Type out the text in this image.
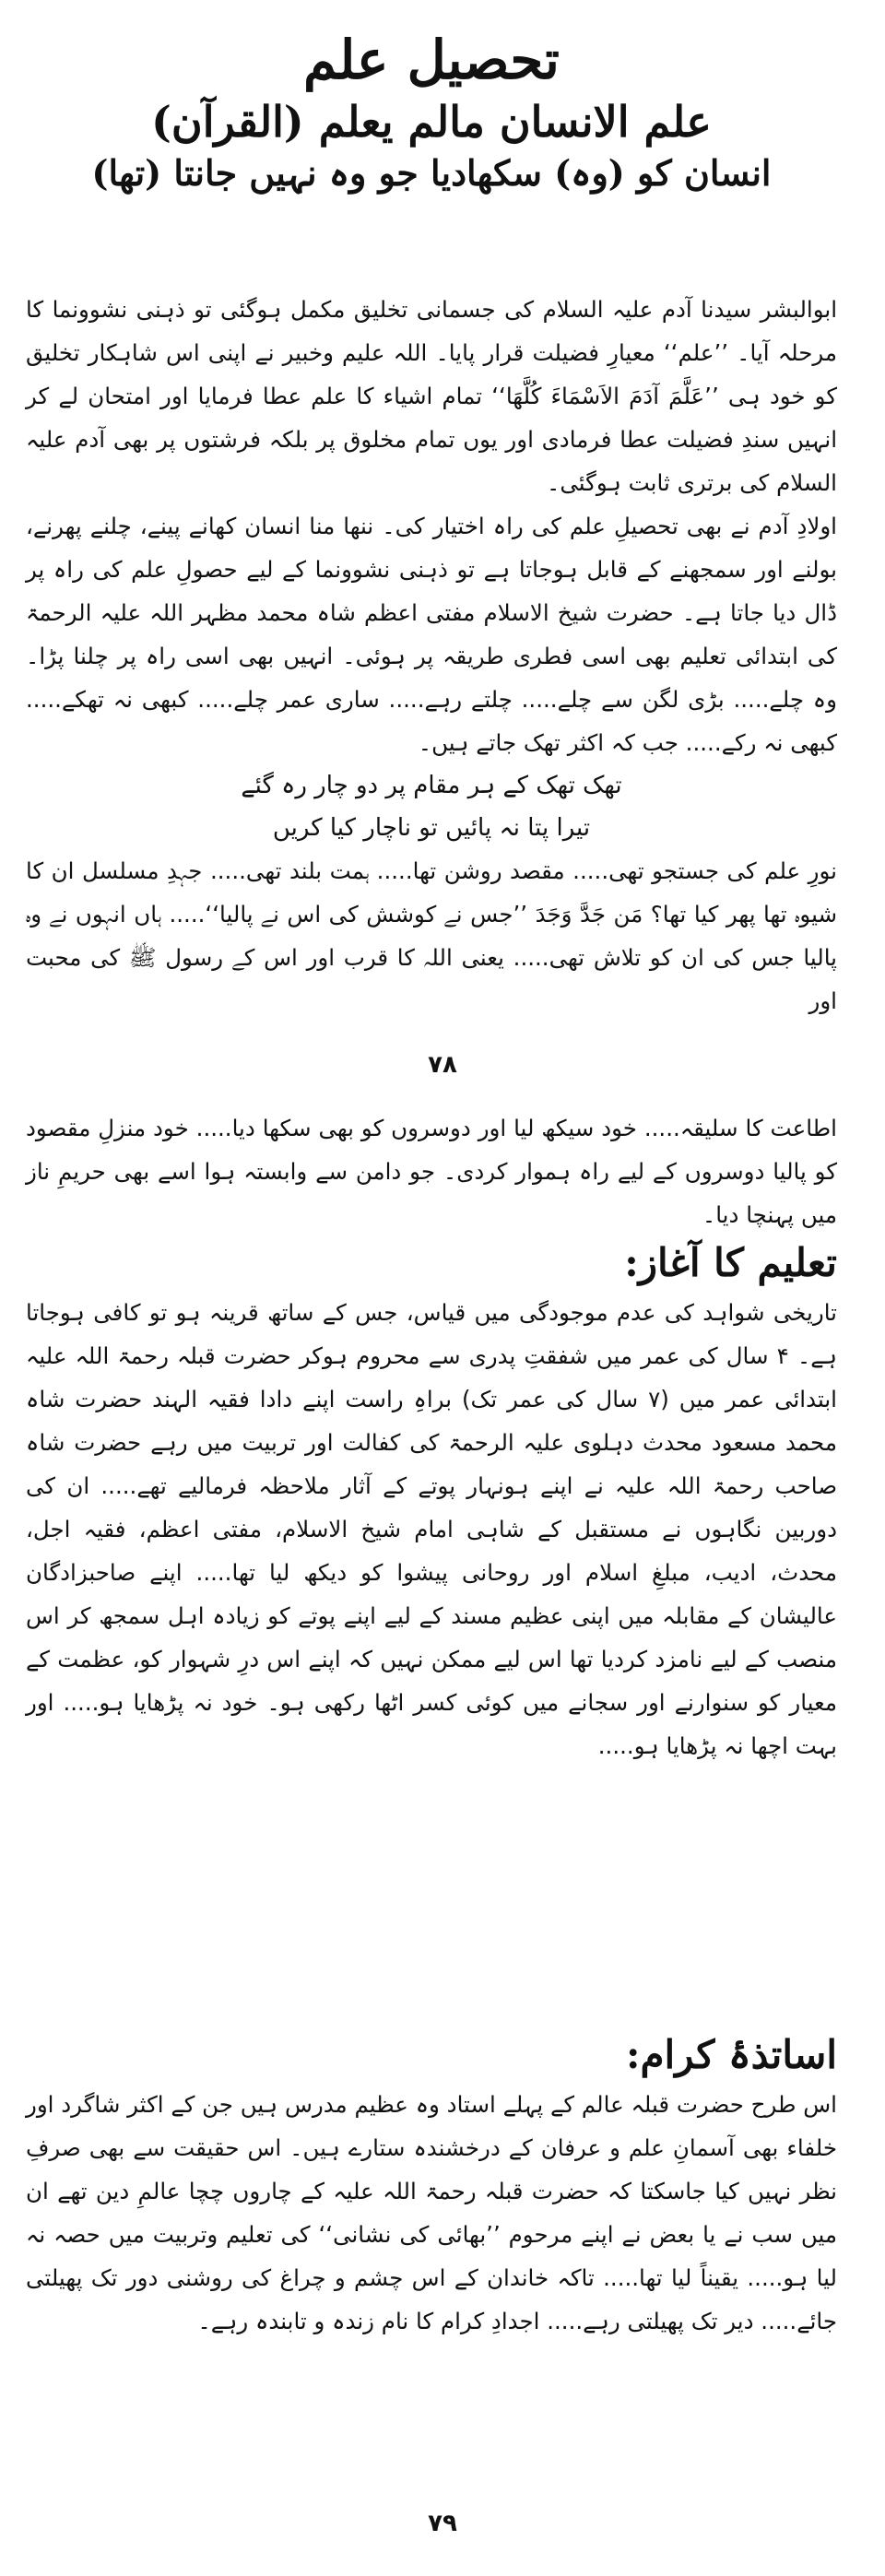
تحصیل علم
علم الانسان مالم یعلم (القرآن)
انسان کو (وہ) سکھادیا جو وہ نہیں جانتا (تھا)

ابوالبشر سیدنا آدم علیہ السلام کی جسمانی تخلیق مکمل ہوگئی تو ذہنی نشوونما کا مرحلہ آیا۔ ’’علم‘‘ معیارِ فضیلت قرار پایا۔ اللہ علیم وخبیر نے اپنی اس شاہکار تخلیق کو خود ہی ’’عَلَّمَ آدَمَ الاَسْمَاءَ کُلَّھَا‘‘ تمام اشیاء کا علم عطا فرمایا اور امتحان لے کر انہیں سندِ فضیلت عطا فرمادی اور یوں تمام مخلوق پر بلکہ فرشتوں پر بھی آدم علیہ السلام کی برتری ثابت ہوگئی۔

اولادِ آدم نے بھی تحصیلِ علم کی راہ اختیار کی۔ ننھا منا انسان کھانے پینے، چلنے پھرنے، بولنے اور سمجھنے کے قابل ہوجاتا ہے تو ذہنی نشوونما کے لیے حصولِ علم کی راہ پر ڈال دیا جاتا ہے۔ حضرت شیخ الاسلام مفتی اعظم شاہ محمد مظہر اللہ علیہ الرحمۃ کی ابتدائی تعلیم بھی اسی فطری طریقہ پر ہوئی۔ انہیں بھی اسی راہ پر چلنا پڑا۔ وہ چلے..... بڑی لگن سے چلے..... چلتے رہے..... ساری عمر چلے..... کبھی نہ تھکے..... کبھی نہ رکے..... جب کہ اکثر تھک جاتے ہیں۔

تھک تھک کے ہر مقام پر دو چار رہ گئے

تیرا پتا نہ پائیں تو ناچار کیا کریں

نورِ علم کی جستجو تھی..... مقصد روشن تھا..... ہمت بلند تھی..... جہدِ مسلسل ان کا شیوہ تھا پھر کیا تھا؟ مَن جَدَّ وَجَدَ ’’جس نے کوشش کی اس نے پالیا‘‘..... ہاں انہوں نے وہ پالیا جس کی ان کو تلاش تھی..... یعنی اللہ کا قرب اور اس کے رسول ﷺ کی محبت اور

۷۸

اطاعت کا سلیقہ..... خود سیکھ لیا اور دوسروں کو بھی سکھا دیا..... خود منزلِ مقصود کو پالیا دوسروں کے لیے راہ ہموار کردی۔ جو دامن سے وابستہ ہوا اسے بھی حریمِ ناز میں پہنچا دیا۔

تعلیم کا آغاز:

تاریخی شواہد کی عدم موجودگی میں قیاس، جس کے ساتھ قرینہ ہو تو کافی ہوجاتا ہے۔ ۴ سال کی عمر میں شفقتِ پدری سے محروم ہوکر حضرت قبلہ رحمۃ اللہ علیہ ابتدائی عمر میں (۷ سال کی عمر تک) براہِ راست اپنے دادا فقیہ الہند حضرت شاہ محمد مسعود محدث دہلوی علیہ الرحمۃ کی کفالت اور تربیت میں رہے حضرت شاہ صاحب رحمۃ اللہ علیہ نے اپنے ہونہار پوتے کے آثار ملاحظہ فرمالیے تھے..... ان کی دوربین نگاہوں نے مستقبل کے شاہی امام شیخ الاسلام، مفتی اعظم، فقیہ اجل، محدث، ادیب، مبلغِ اسلام اور روحانی پیشوا کو دیکھ لیا تھا..... اپنے صاحبزادگان عالیشان کے مقابلہ میں اپنی عظیم مسند کے لیے اپنے پوتے کو زیادہ اہل سمجھ کر اس منصب کے لیے نامزد کردیا تھا اس لیے ممکن نہیں کہ اپنے اس درِ شہوار کو، عظمت کے معیار کو سنوارنے اور سجانے میں کوئی کسر اٹھا رکھی ہو۔ خود نہ پڑھایا ہو..... اور بہت اچھا نہ پڑھایا ہو.....

اساتذۂ کرام:

اس طرح حضرت قبلہ عالم کے پہلے استاد وہ عظیم مدرس ہیں جن کے اکثر شاگرد اور خلفاء بھی آسمانِ علم و عرفان کے درخشندہ ستارے ہیں۔ اس حقیقت سے بھی صرفِ نظر نہیں کیا جاسکتا کہ حضرت قبلہ رحمۃ اللہ علیہ کے چاروں چچا عالمِ دین تھے ان میں سب نے یا بعض نے اپنے مرحوم ’’بھائی کی نشانی‘‘ کی تعلیم وتربیت میں حصہ نہ لیا ہو..... یقیناً لیا تھا..... تاکہ خاندان کے اس چشم و چراغ کی روشنی دور تک پھیلتی جائے..... دیر تک پھیلتی رہے..... اجدادِ کرام کا نام زندہ و تابندہ رہے۔

۷۹
